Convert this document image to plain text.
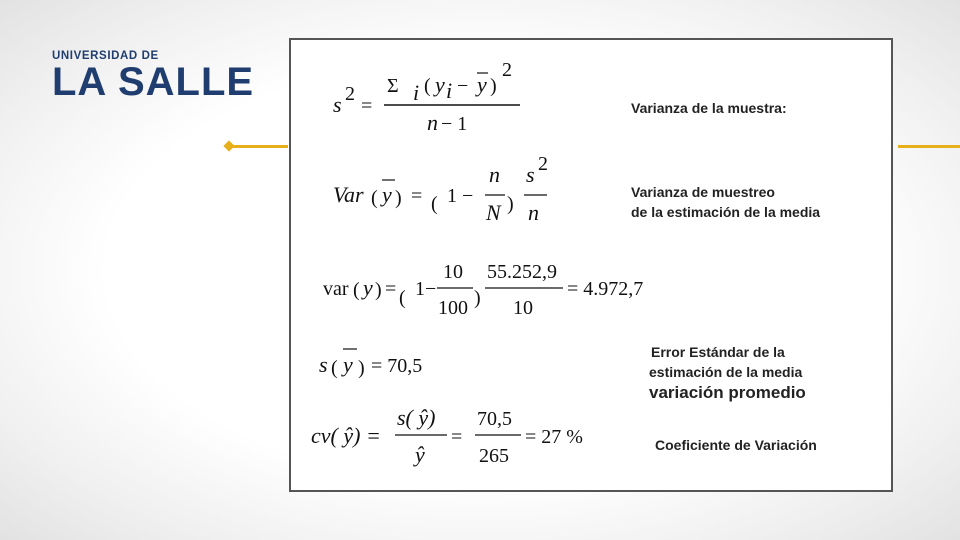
UNIVERSIDAD DE
LA SALLE
s 2
=
Σ i ( y i − y )
2
n − 1
Var ( y ) = ( 1 −
n
N )
s 2
n
var ( y ) = ( 1−
10
100 )
55.252,9
10
= 4.972,7
s ( y ) = 70,5
cv( ŷ) =
s( ŷ)
ŷ
=
70,5
265
= 27 %

Varianza de la muestra:

Varianza de muestreo

de la estimación de la media

Error Estándar de la

estimación de la media

variación promedio

Coeficiente de Variación
